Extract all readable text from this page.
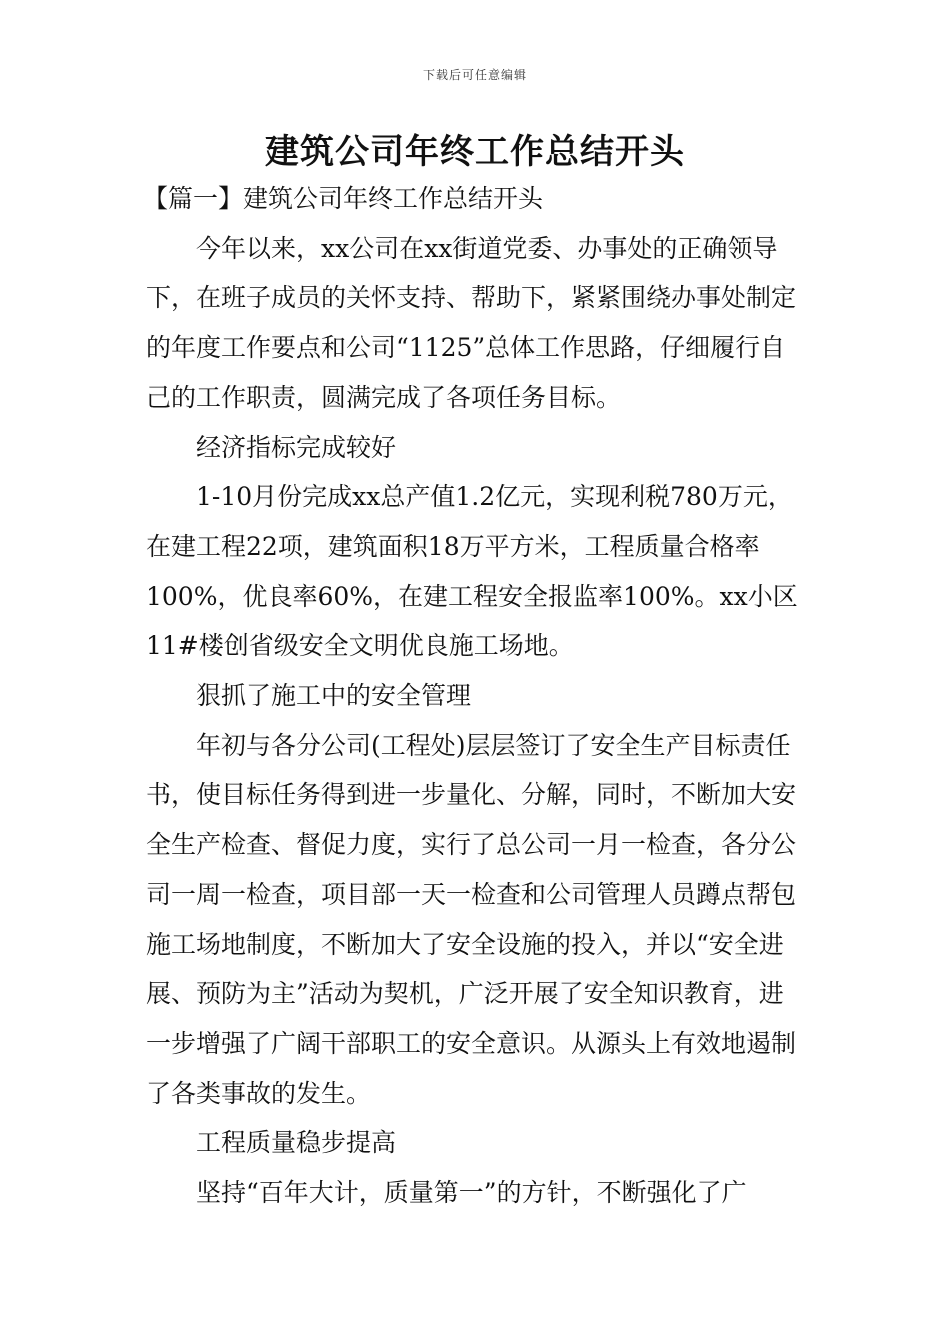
下载后可任意编辑
建筑公司年终工作总结开头

【篇一】建筑公司年终工作总结开头

今年以来，xx公司在xx街道党委、办事处的正确领导下，在班子成员的关怀支持、帮助下，紧紧围绕办事处制定的年度工作要点和公司“1125”总体工作思路，仔细履行自己的工作职责，圆满完成了各项任务目标。

经济指标完成较好

1-10月份完成xx总产值1.2亿元，实现利税780万元，在建工程22项，建筑面积18万平方米，工程质量合格率100%，优良率60%，在建工程安全报监率100%。xx小区11#楼创省级安全文明优良施工场地。

狠抓了施工中的安全管理

年初与各分公司(工程处)层层签订了安全生产目标责任书，使目标任务得到进一步量化、分解，同时，不断加大安全生产检查、督促力度，实行了总公司一月一检查，各分公司一周一检查，项目部一天一检查和公司管理人员蹲点帮包施工场地制度，不断加大了安全设施的投入，并以“安全进展、预防为主”活动为契机，广泛开展了安全知识教育，进一步增强了广阔干部职工的安全意识。从源头上有效地遏制了各类事故的发生。

工程质量稳步提高

坚持“百年大计，质量第一”的方针，不断强化了广
